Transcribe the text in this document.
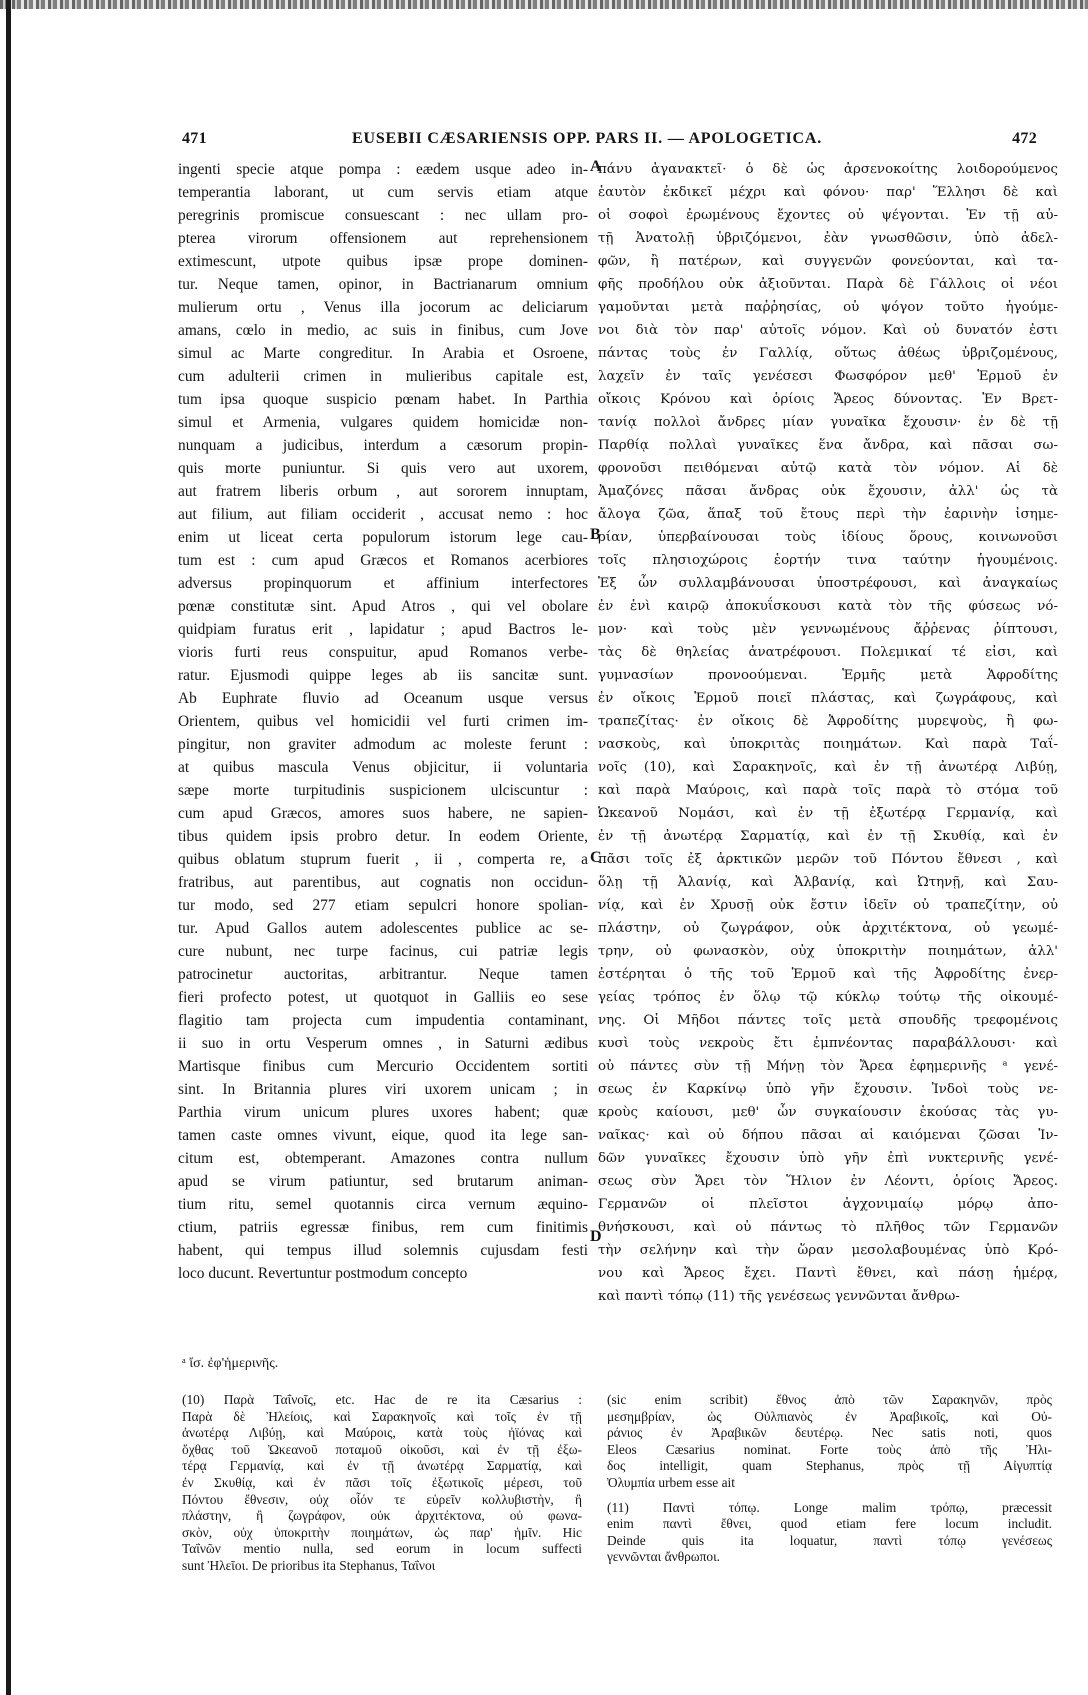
471	EUSEBII CÆSARIENSIS OPP. PARS II. — APOLOGETICA.	472
ingenti specie atque pompa : eædem usque adeo in-
temperantia laborant, ut cum servis etiam atque
peregrinis promiscue consuescant : nec ullam pro-
pterea virorum offensionem aut reprehensionem
extimescunt, utpote quibus ipsæ prope dominen-
tur. Neque tamen, opinor, in Bactrianarum omnium
mulierum ortu , Venus illa jocorum ac deliciarum
amans, cœlo in medio, ac suis in finibus, cum Jove
simul ac Marte congreditur. In Arabia et Osroene,
cum adulterii crimen in mulieribus capitale est,
tum ipsa quoque suspicio pœnam habet. In Parthia
simul et Armenia, vulgares quidem homicidæ non-
nunquam a judicibus, interdum a cæsorum propin-
quis morte puniuntur. Si quis vero aut uxorem,
aut fratrem liberis orbum , aut sororem innuptam,
aut filium, aut filiam occiderit , accusat nemo : hoc
enim ut liceat certa populorum istorum lege cau-
tum est : cum apud Græcos et Romanos acerbiores
adversus propinquorum et affinium interfectores
pœnæ constitutæ sint. Apud Atros , qui vel obolare
quidpiam furatus erit , lapidatur ; apud Bactros le-
vioris furti reus conspuitur, apud Romanos verbe-
ratur. Ejusmodi quippe leges ab iis sancitæ sunt.
Ab Euphrate fluvio ad Oceanum usque versus
Orientem, quibus vel homicidii vel furti crimen im-
pingitur, non graviter admodum ac moleste ferunt :
at quibus mascula Venus objicitur, ii voluntaria
sæpe morte turpitudinis suspicionem ulciscuntur :
cum apud Græcos, amores suos habere, ne sapien-
tibus quidem ipsis probro detur. In eodem Oriente,
quibus oblatum stuprum fuerit , ii , comperta re, a
fratribus, aut parentibus, aut cognatis non occidun-
tur modo, sed 277 etiam sepulcri honore spolian-
tur. Apud Gallos autem adolescentes publice ac se-
cure nubunt, nec turpe facinus, cui patriæ legis
patrocinetur auctoritas, arbitrantur. Neque tamen
fieri profecto potest, ut quotquot in Galliis eo sese
flagitio tam projecta cum impudentia contaminant,
ii suo in ortu Vesperum omnes , in Saturni ædibus
Martisque finibus cum Mercurio Occidentem sortiti
sint. In Britannia plures viri uxorem unicam ; in
Parthia virum unicum plures uxores habent; quæ
tamen caste omnes vivunt, eique, quod ita lege san-
citum est, obtemperant. Amazones contra nullum
apud se virum patiuntur, sed brutarum animan-
tium ritu, semel quotannis circa vernum æquino-
ctium, patriis egressæ finibus, rem cum finitimis
habent, qui tempus illud solemnis cujusdam festi
loco ducunt. Revertuntur postmodum concepto
πάνυ ἀγανακτεῖ· ὁ δὲ ὡς ἀρσενοκοίτης λοιδορούμενος
ἑαυτὸν ἐκδικεῖ μέχρι καὶ φόνου· παρ' Ἕλλησι δὲ καὶ
οἱ σοφοὶ ἐρωμένους ἔχοντες οὐ ψέγονται. Ἐν τῇ αὐ-
τῇ Ἀνατολῇ ὑβριζόμενοι, ἐὰν γνωσθῶσιν, ὑπὸ ἀδελ-
φῶν, ἢ πατέρων, καὶ συγγενῶν φονεύονται, καὶ τα-
φῆς προδήλου οὐκ ἀξιοῦνται. Παρὰ δὲ Γάλλοις οἱ νέοι
γαμοῦνται μετὰ παῤῥησίας, οὐ ψόγον τοῦτο ἡγούμε-
νοι διὰ τὸν παρ' αὐτοῖς νόμον. Καὶ οὐ δυνατόν ἐστι
πάντας τοὺς ἐν Γαλλίᾳ, οὕτως ἀθέως ὑβριζομένους,
λαχεῖν ἐν ταῖς γενέσεσι Φωσφόρον μεθ' Ἑρμοῦ ἐν
οἴκοις Κρόνου καὶ ὁρίοις Ἄρεος δύνοντας. Ἐν Βρετ-
τανίᾳ πολλοὶ ἄνδρες μίαν γυναῖκα ἔχουσιν· ἐν δὲ τῇ
Παρθίᾳ πολλαὶ γυναῖκες ἕνα ἄνδρα, καὶ πᾶσαι σω-
φρονοῦσι πειθόμεναι αὐτῷ κατὰ τὸν νόμον. Αἱ δὲ
Ἀμαζόνες πᾶσαι ἄνδρας οὐκ ἔχουσιν, ἀλλ' ὡς τὰ
ἄλογα ζῶα, ἅπαξ τοῦ ἔτους περὶ τὴν ἐαρινὴν ἰσημε-
ρίαν, ὑπερβαίνουσαι τοὺς ἰδίους ὅρους, κοινωνοῦσι
τοῖς πλησιοχώροις ἑορτήν τινα ταύτην ἡγουμένοις.
Ἐξ ὧν συλλαμβάνουσαι ὑποστρέφουσι, καὶ ἀναγκαίως
ἐν ἑνὶ καιρῷ ἀποκυΐσκουσι κατὰ τὸν τῆς φύσεως νό-
μον· καὶ τοὺς μὲν γεννωμένους ἄῤῥενας ῥίπτουσι,
τὰς δὲ θηλείας ἀνατρέφουσι. Πολεμικαί τέ εἰσι, καὶ
γυμνασίων προνοούμεναι. Ἑρμῆς μετὰ Ἀφροδίτης
ἐν οἴκοις Ἑρμοῦ ποιεῖ πλάστας, καὶ ζωγράφους, καὶ
τραπεζίτας· ἐν οἴκοις δὲ Ἀφροδίτης μυρεψοὺς, ἢ φω-
νασκοὺς, καὶ ὑποκριτὰς ποιημάτων. Καὶ παρὰ Ταΐ-
νοῖς (10), καὶ Σαρακηνοῖς, καὶ ἐν τῇ ἀνωτέρᾳ Λιβύῃ,
καὶ παρὰ Μαύροις, καὶ παρὰ τοῖς παρὰ τὸ στόμα τοῦ
Ὠκεανοῦ Νομάσι, καὶ ἐν τῇ ἐξωτέρᾳ Γερμανίᾳ, καὶ
ἐν τῇ ἀνωτέρᾳ Σαρματίᾳ, καὶ ἐν τῇ Σκυθίᾳ, καὶ ἐν
πᾶσι τοῖς ἐξ ἀρκτικῶν μερῶν τοῦ Πόντου ἔθνεσι , καὶ
ὅλῃ τῇ Ἀλανίᾳ, καὶ Ἀλβανίᾳ, καὶ Ὠτηνῇ, καὶ Σαυ-
νίᾳ, καὶ ἐν Χρυσῇ οὐκ ἔστιν ἰδεῖν οὐ τραπεζίτην, οὐ
πλάστην, οὐ ζωγράφον, οὐκ ἀρχιτέκτονα, οὐ γεωμέ-
τρην, οὐ φωνασκὸν, οὐχ ὑποκριτὴν ποιημάτων, ἀλλ'
ἐστέρηται ὁ τῆς τοῦ Ἑρμοῦ καὶ τῆς Ἀφροδίτης ἐνερ-
γείας τρόπος ἐν ὅλῳ τῷ κύκλῳ τούτῳ τῆς οἰκουμέ-
νης. Οἱ Μῆδοι πάντες τοῖς μετὰ σπουδῆς τρεφομένοις
κυσὶ τοὺς νεκροὺς ἔτι ἐμπνέοντας παραβάλλουσι· καὶ
οὐ πάντες σὺν τῇ Μήνῃ τὸν Ἄρεα ἐφημερινῆς ᵃ γενέ-
σεως ἐν Καρκίνῳ ὑπὸ γῆν ἔχουσιν. Ἰνδοὶ τοὺς νε-
κροὺς καίουσι, μεθ' ὧν συγκαίουσιν ἑκούσας τὰς γυ-
ναῖκας· καὶ οὐ δήπου πᾶσαι αἱ καιόμεναι ζῶσαι Ἰν-
δῶν γυναῖκες ἔχουσιν ὑπὸ γῆν ἐπὶ νυκτερινῆς γενέ-
σεως σὺν Ἄρει τὸν Ἥλιον ἐν Λέοντι, ὁρίοις Ἄρεος.
Γερμανῶν οἱ πλεῖστοι ἀγχονιμαίῳ μόρῳ ἀπο-
θνήσκουσι, καὶ οὐ πάντως τὸ πλῆθος τῶν Γερμανῶν
τὴν σελήνην καὶ τὴν ὥραν μεσολαβουμένας ὑπὸ Κρό-
νου καὶ Ἄρεος ἔχει. Παντὶ ἔθνει, καὶ πάσῃ ἡμέρᾳ,
καὶ παντὶ τόπῳ (11) τῆς γενέσεως γεννῶνται ἄνθρω-
A
B
C
D
ᵃ ἴσ. ἐφ'ἡμερινῆς.
(10) Παρὰ Ταΐνοῖς, etc. Hac de re ita Cæsarius :
Παρὰ δὲ Ἠλείοις, καὶ Σαρακηνοῖς καὶ τοῖς ἐν τῇ
ἀνωτέρᾳ Λιβύῃ, καὶ Μαύροις, κατὰ τοὺς ἠϊόνας καὶ
ὄχθας τοῦ Ὠκεανοῦ ποταμοῦ οἰκοῦσι, καὶ ἐν τῇ ἐξω-
τέρᾳ Γερμανίᾳ, καὶ ἐν τῇ ἀνωτέρᾳ Σαρματίᾳ, καὶ
ἐν Σκυθίᾳ, καὶ ἐν πᾶσι τοῖς ἐξωτικοῖς μέρεσι, τοῦ
Πόντου ἔθνεσιν, οὐχ οἷόν τε εὑρεῖν κολλυβιστὴν, ἢ
πλάστην, ἢ ζωγράφον, οὐκ ἀρχιτέκτονα, οὐ φωνα-
σκὸν, οὐχ ὑποκριτὴν ποιημάτων, ὡς παρ' ἡμῖν. Hic
Ταΐνῶν mentio nulla, sed eorum in locum suffecti
sunt Ἠλεῖοι. De prioribus ita Stephanus, Ταΐνοι
(sic enim scribit) ἔθνος ἀπὸ τῶν Σαρακηνῶν, πρὸς
μεσημβρίαν, ὡς Οὐλπιανὸς ἐν Ἀραβικοῖς, καὶ Οὐ-
ράνιος ἐν Ἀραβικῶν δευτέρῳ. Nec satis noti, quos
Eleos Cæsarius nominat. Forte τοὺς ἀπὸ τῆς Ἠλι-
δος intelligit, quam Stephanus, πρὸς τῇ Αἰγυπτίᾳ
Ὀλυμπία urbem esse ait
(11) Παντὶ τόπῳ. Longe malim τρόπῳ, præcessit
enim παντὶ ἔθνει, quod etiam fere locum includit.
Deinde quis ita loquatur, παντὶ τόπῳ γενέσεως
γεννῶνται ἄνθρωποι.
